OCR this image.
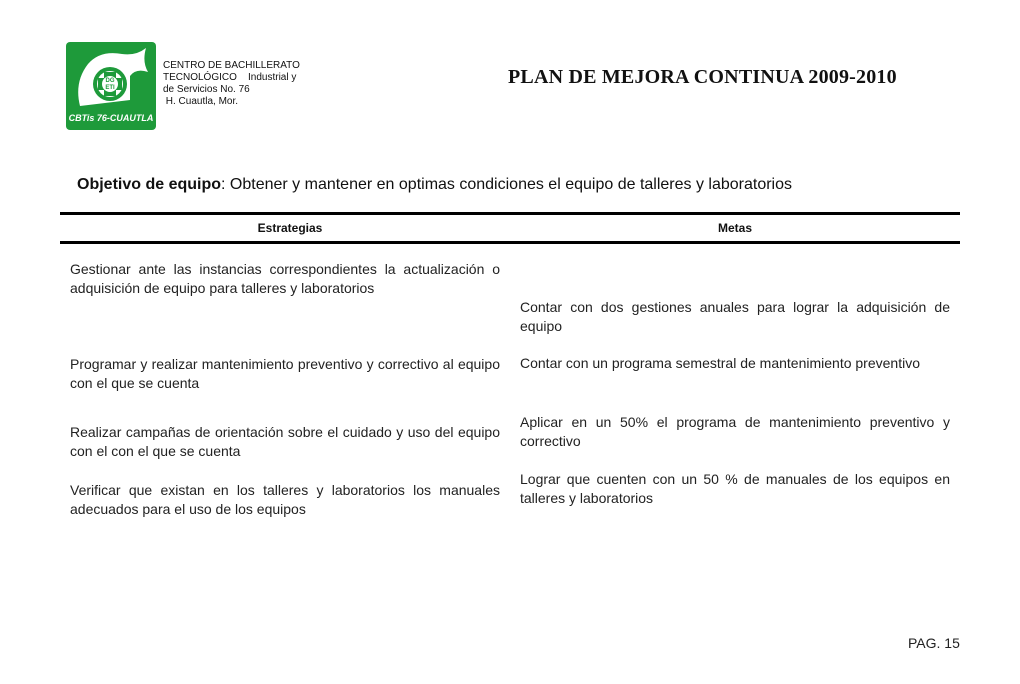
DG
ETI
CBTis 76-CUAUTLA
CENTRO DE BACHILLERATO
TECNOLÓGICO    Industrial y
de Servicios No. 76
H. Cuautla, Mor.
PLAN DE MEJORA CONTINUA 2009-2010
Objetivo de equipo: Obtener y mantener en optimas condiciones el equipo de talleres y laboratorios
Estrategias	Metas
Gestionar ante las instancias correspondientes la actualización o adquisición de equipo para talleres y laboratorios
Programar y realizar mantenimiento preventivo y correctivo al equipo con el que se cuenta
Realizar campañas de orientación sobre el cuidado y uso del equipo con el con el que se cuenta
Verificar que existan en los talleres y laboratorios los manuales adecuados para el uso de los equipos
Contar con dos gestiones anuales para lograr la adquisición de equipo
Contar con un programa semestral de mantenimiento preventivo
Aplicar en un 50% el programa de mantenimiento preventivo y correctivo
Lograr que cuenten con un 50 % de manuales de los equipos en talleres y laboratorios
PAG. 15
